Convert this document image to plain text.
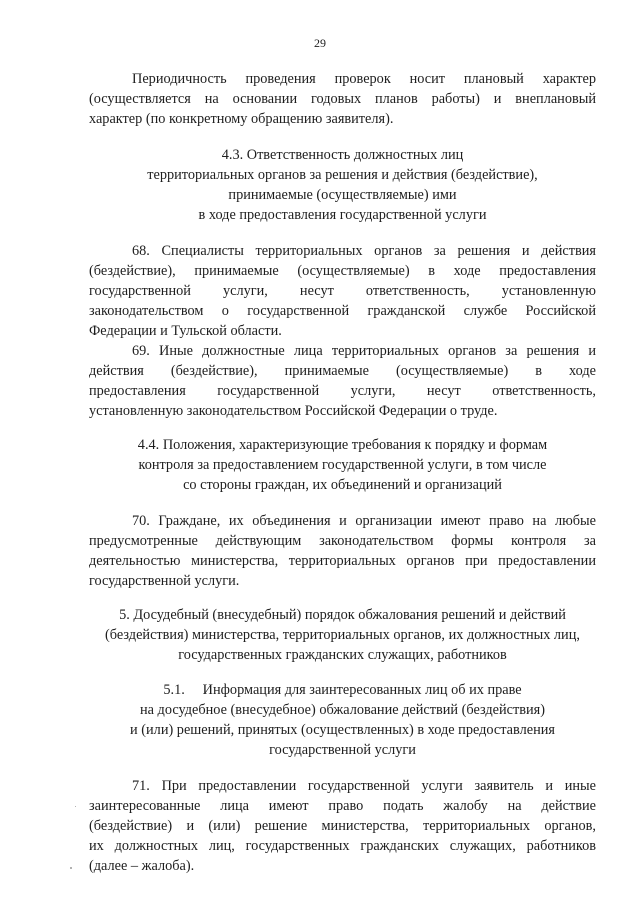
29
Периодичность проведения проверок носит плановый характер
(осуществляется на основании годовых планов работы) и внеплановый
характер (по конкретному обращению заявителя).
4.3. Ответственность должностных лиц
территориальных органов за решения и действия (бездействие),
принимаемые (осуществляемые) ими
в ходе предоставления государственной услуги
68. Специалисты территориальных органов за решения и действия
(бездействие), принимаемые (осуществляемые) в ходе предоставления
государственной услуги, несут ответственность, установленную
законодательством о государственной гражданской службе Российской
Федерации и Тульской области.
69. Иные должностные лица территориальных органов за решения и
действия (бездействие), принимаемые (осуществляемые) в ходе
предоставления государственной услуги, несут ответственность,
установленную законодательством Российской Федерации о труде.
4.4. Положения, характеризующие требования к порядку и формам
контроля за предоставлением государственной услуги, в том числе
со стороны граждан, их объединений и организаций
70. Граждане, их объединения и организации имеют право на любые
предусмотренные действующим законодательством формы контроля за
деятельностью министерства, территориальных органов при предоставлении
государственной услуги.
5. Досудебный (внесудебный) порядок обжалования решений и действий
(бездействия) министерства, территориальных органов, их должностных лиц,
государственных гражданских служащих, работников
5.1.     Информация для заинтересованных лиц об их праве
на досудебное (внесудебное) обжалование действий (бездействия)
и (или) решений, принятых (осуществленных) в ходе предоставления
государственной услуги
71. При предоставлении государственной услуги заявитель и иные
заинтересованные лица имеют право подать жалобу на действие
(бездействие) и (или) решение министерства, территориальных органов,
их должностных лиц, государственных гражданских служащих, работников
(далее – жалоба).
